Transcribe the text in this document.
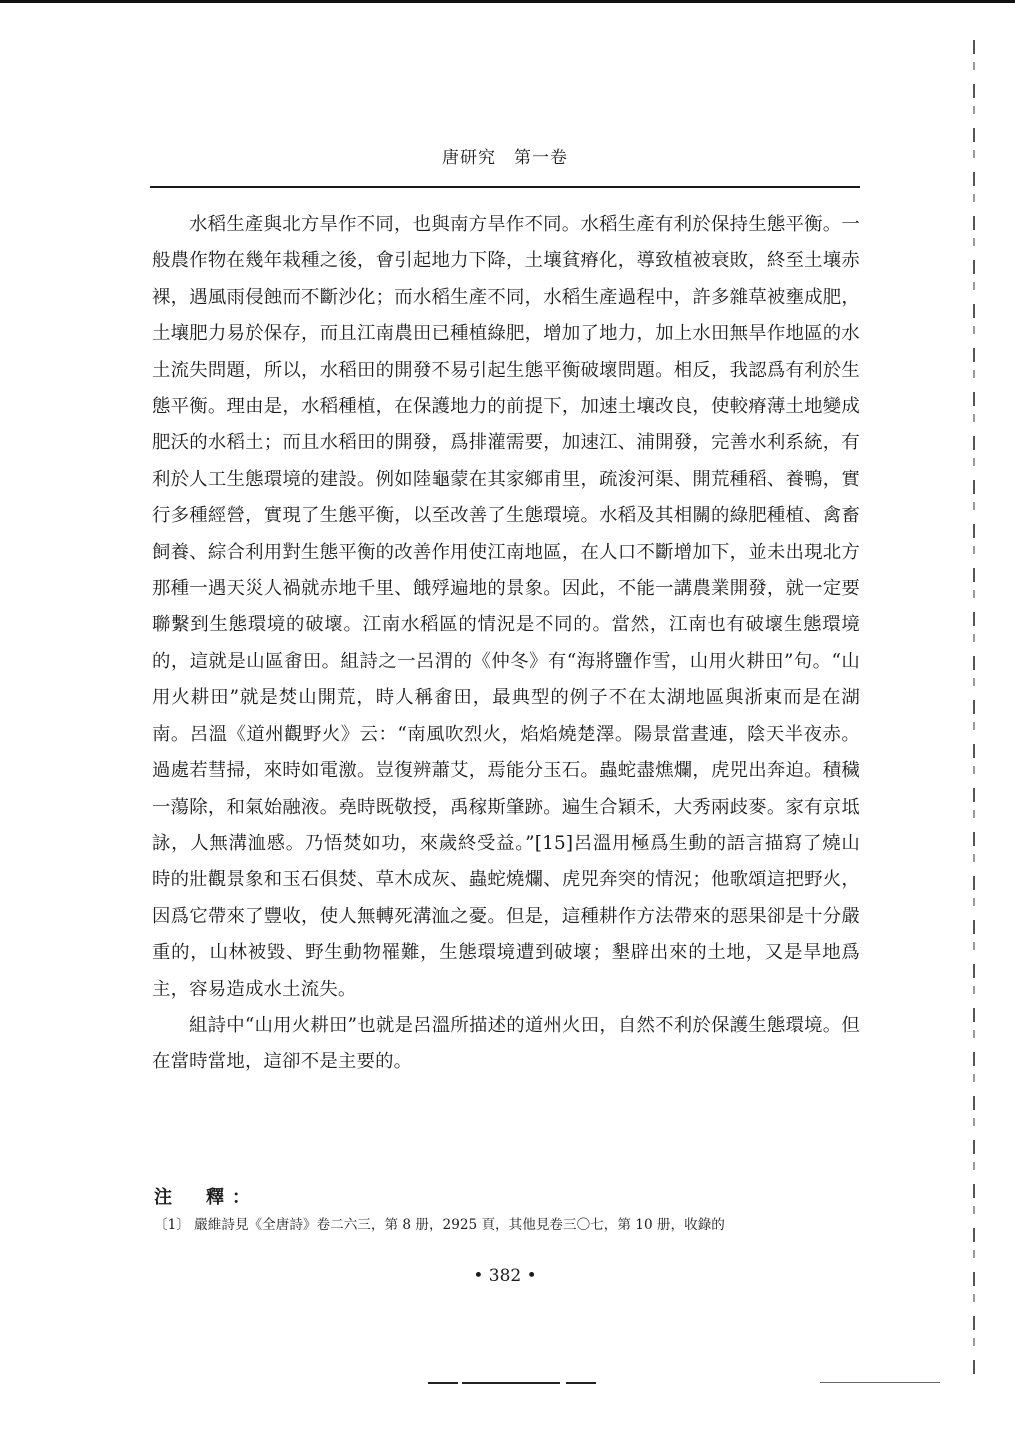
唐研究　第一卷

水稻生產與北方旱作不同，也與南方旱作不同。水稻生產有利於保持生態平衡。一般農作物在幾年栽種之後，會引起地力下降，土壤貧瘠化，導致植被衰敗，終至土壤赤裸，遇風雨侵蝕而不斷沙化；而水稻生產不同，水稻生產過程中，許多雜草被壅成肥，土壤肥力易於保存，而且江南農田已種植綠肥，增加了地力，加上水田無旱作地區的水土流失問題，所以，水稻田的開發不易引起生態平衡破壞問題。相反，我認爲有利於生態平衡。理由是，水稻種植，在保護地力的前提下，加速土壤改良，使較瘠薄土地變成肥沃的水稻土；而且水稻田的開發，爲排灌需要，加速江、浦開發，完善水利系統，有利於人工生態環境的建設。例如陸龜蒙在其家鄉甫里，疏浚河渠、開荒種稻、養鴨，實行多種經營，實現了生態平衡，以至改善了生態環境。水稻及其相關的綠肥種植、禽畜飼養、綜合利用對生態平衡的改善作用使江南地區，在人口不斷增加下，並未出現北方那種一遇天災人禍就赤地千里、餓殍遍地的景象。因此，不能一講農業開發，就一定要聯繫到生態環境的破壞。江南水稻區的情況是不同的。當然，江南也有破壞生態環境的，這就是山區畬田。組詩之一呂渭的《仲冬》有“海將鹽作雪，山用火耕田”句。“山用火耕田”就是焚山開荒，時人稱畬田，最典型的例子不在太湖地區與浙東而是在湖南。呂溫《道州觀野火》云：“南風吹烈火，焰焰燒楚澤。陽景當晝連，陰天半夜赤。過處若彗掃，來時如電激。豈復辨蕭艾，焉能分玉石。蟲蛇盡燋爛，虎兕出奔迫。積穢一蕩除，和氣始融液。堯時既敬授，禹稼斯肇跡。遍生合穎禾，大秀兩歧麥。家有京坻詠，人無溝洫慼。乃悟焚如功，來歲終受益。”[15]呂溫用極爲生動的語言描寫了燒山時的壯觀景象和玉石俱焚、草木成灰、蟲蛇燒爛、虎兕奔突的情況；他歌頌這把野火，因爲它帶來了豐收，使人無轉死溝洫之憂。但是，這種耕作方法帶來的惡果卻是十分嚴重的，山林被毀、野生動物罹難，生態環境遭到破壞；墾辟出來的土地，又是旱地爲主，容易造成水土流失。

組詩中“山用火耕田”也就是呂溫所描述的道州火田，自然不利於保護生態環境。但在當時當地，這卻不是主要的。

注　釋：
〔1〕 嚴維詩見《全唐詩》卷二六三，第 8 册，2925 頁，其他見卷三〇七，第 10 册，收錄的
• 382 •
